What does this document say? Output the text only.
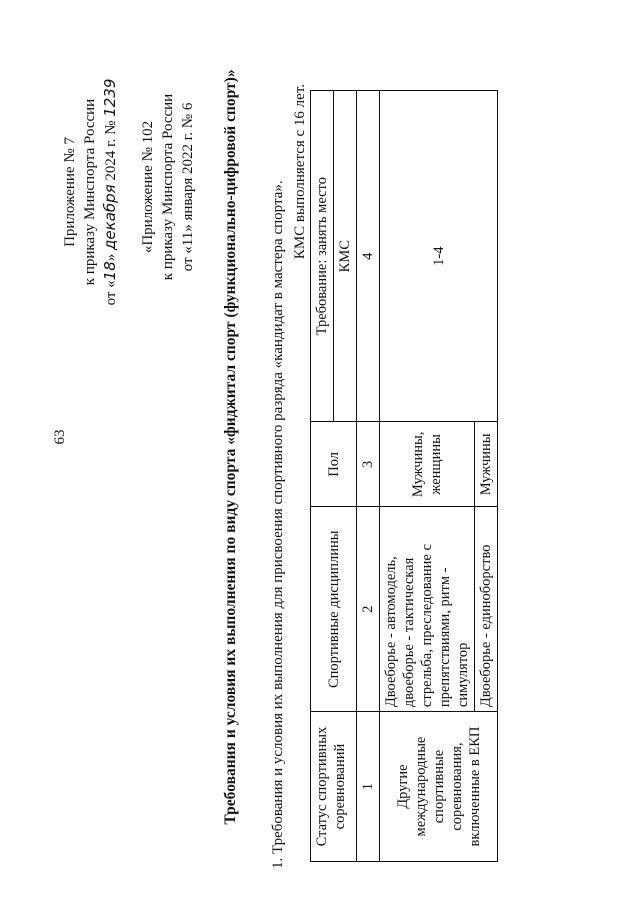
63
Приложение № 7 к приказу Минспорта России
от «18» декабря 2024 г. № 1239
«Приложение № 102 к приказу Минспорта России от «11» января 2022 г. № 6 Требования и условия их выполнения по виду спорта «фиджитал спорт (функционально-цифровой спорт)» 1. Требования и условия их выполнения для присвоения спортивного разряда «кандидат в мастера спорта».
КМС выполняется с 16 лет.
Статус спортивных соревнований	Спортивные дисциплины	Пол	Требование: занять место
			КМС
1	2	3	4
Другие международные спортивные соревнования, включенные в ЕКП	Двоеборье - автомодель, двоеборье - тактическая стрельба, преследование с препятствиями, ритм - симулятор	Мужчины, женщины	1-4
	Двоеборье - единоборство	Мужчины	
